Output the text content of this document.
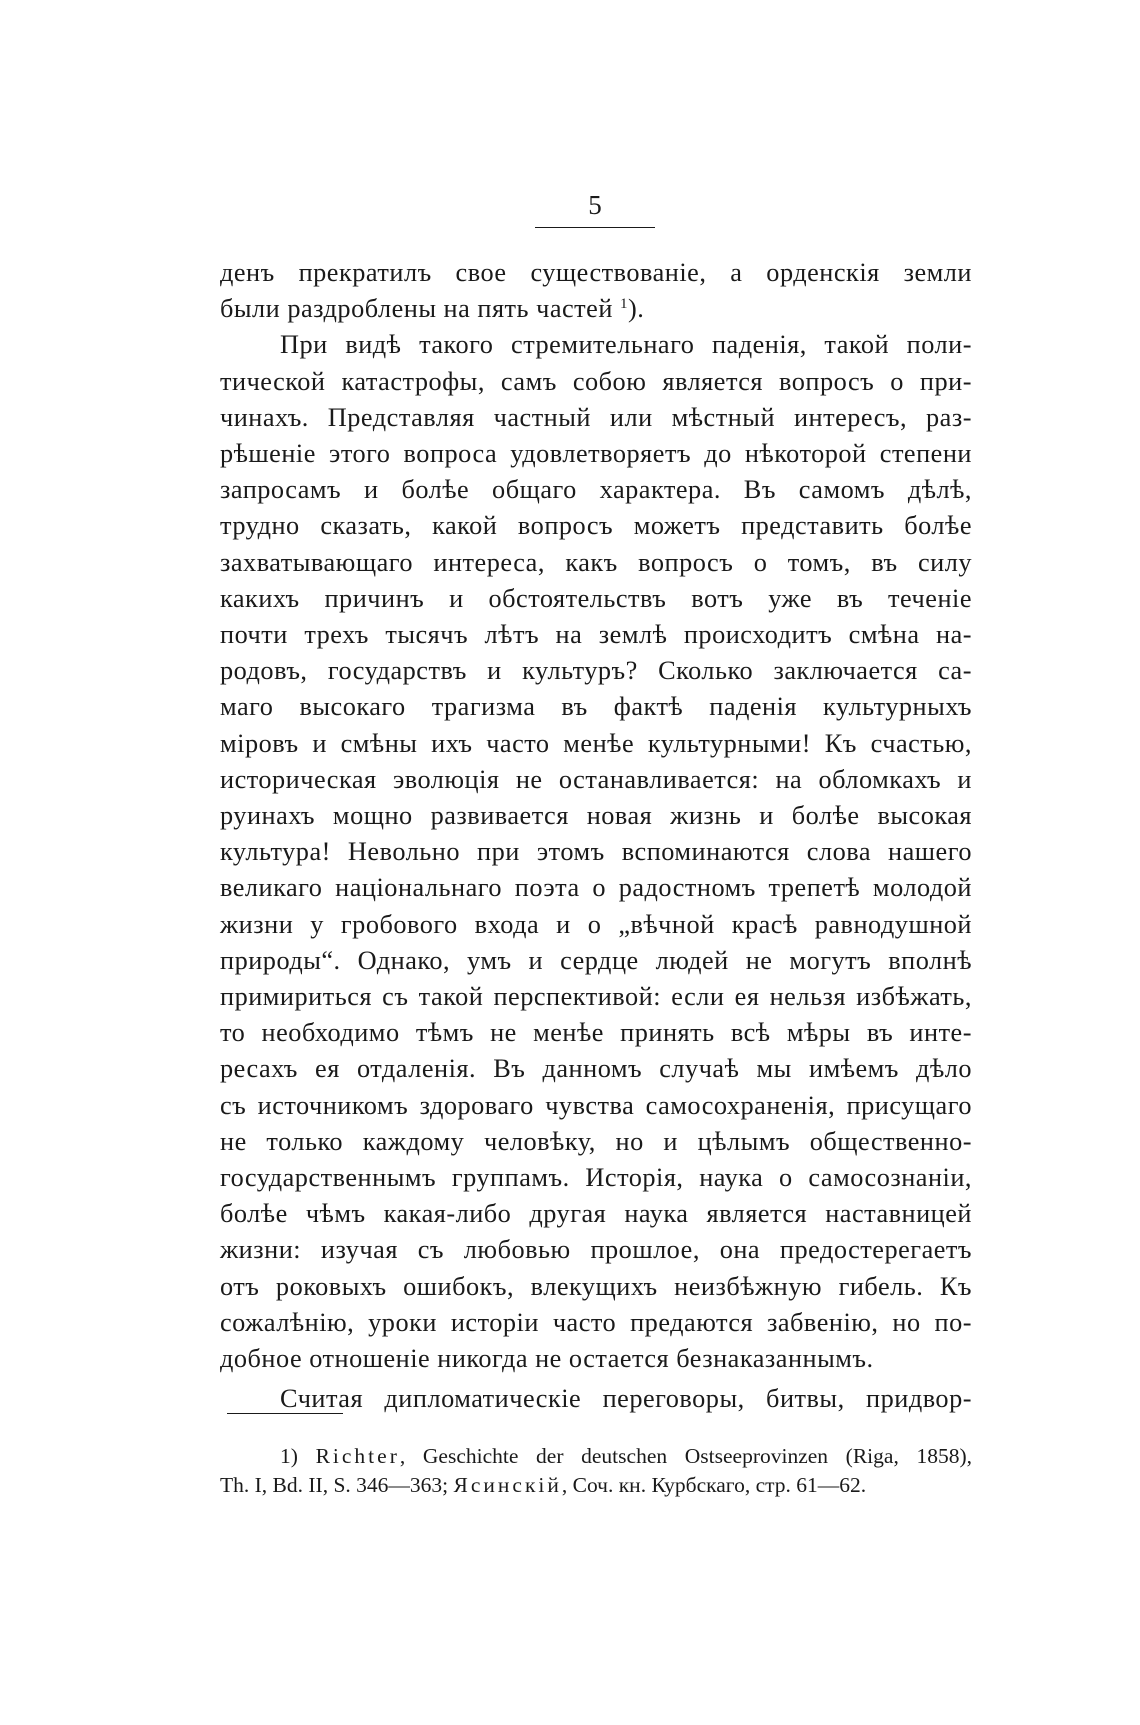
5
денъ прекратилъ свое существованіе, а орденскія земли
были раздроблены на пять частей $^1$).
При видѣ такого стремительнаго паденія, такой поли-
тической катастрофы, самъ собою является вопросъ о при-
чинахъ. Представляя частный или мѣстный интересъ, раз-
рѣшеніе этого вопроса удовлетворяетъ до нѣкоторой степени
запросамъ и болѣе общаго характера. Въ самомъ дѣлѣ,
трудно сказать, какой вопросъ можетъ представить болѣе
захватывающаго интереса, какъ вопросъ о томъ, въ силу
какихъ причинъ и обстоятельствъ вотъ уже въ теченіе
почти трехъ тысячъ лѣтъ на землѣ происходитъ смѣна на-
родовъ, государствъ и культуръ? Сколько заключается са-
маго высокаго трагизма въ фактѣ паденія культурныхъ
міровъ и смѣны ихъ часто менѣе культурными! Къ счастью,
историческая эволюція не останавливается: на обломкахъ и
руинахъ мощно развивается новая жизнь и болѣе высокая
культура! Невольно при этомъ вспоминаются слова нашего
великаго національнаго поэта о радостномъ трепетѣ молодой
жизни у гробового входа и о „вѣчной красѣ равнодушной
природы“. Однако, умъ и сердце людей не могутъ вполнѣ
примириться съ такой перспективой: если ея нельзя избѣжать,
то необходимо тѣмъ не менѣе принять всѣ мѣры въ инте-
ресахъ ея отдаленія. Въ данномъ случаѣ мы имѣемъ дѣло
съ источникомъ здороваго чувства самосохраненія, присущаго
не только каждому человѣку, но и цѣлымъ общественно-
государственнымъ группамъ. Исторія, наука о самосознаніи,
болѣе чѣмъ какая-либо другая наука является наставницей
жизни: изучая съ любовью прошлое, она предостерегаетъ
отъ роковыхъ ошибокъ, влекущихъ неизбѣжную гибель. Къ
сожалѣнію, уроки исторіи часто предаются забвенію, но по-
добное отношеніе никогда не остается безнаказаннымъ.
Считая дипломатическіе переговоры, битвы, придвор-
1) Richter, Geschichte der deutschen Ostseeprovinzen (Riga, 1858),
Th. I, Bd. II, S. 346—363; Ясинскій, Соч. кн. Курбскаго, стр. 61—62.
